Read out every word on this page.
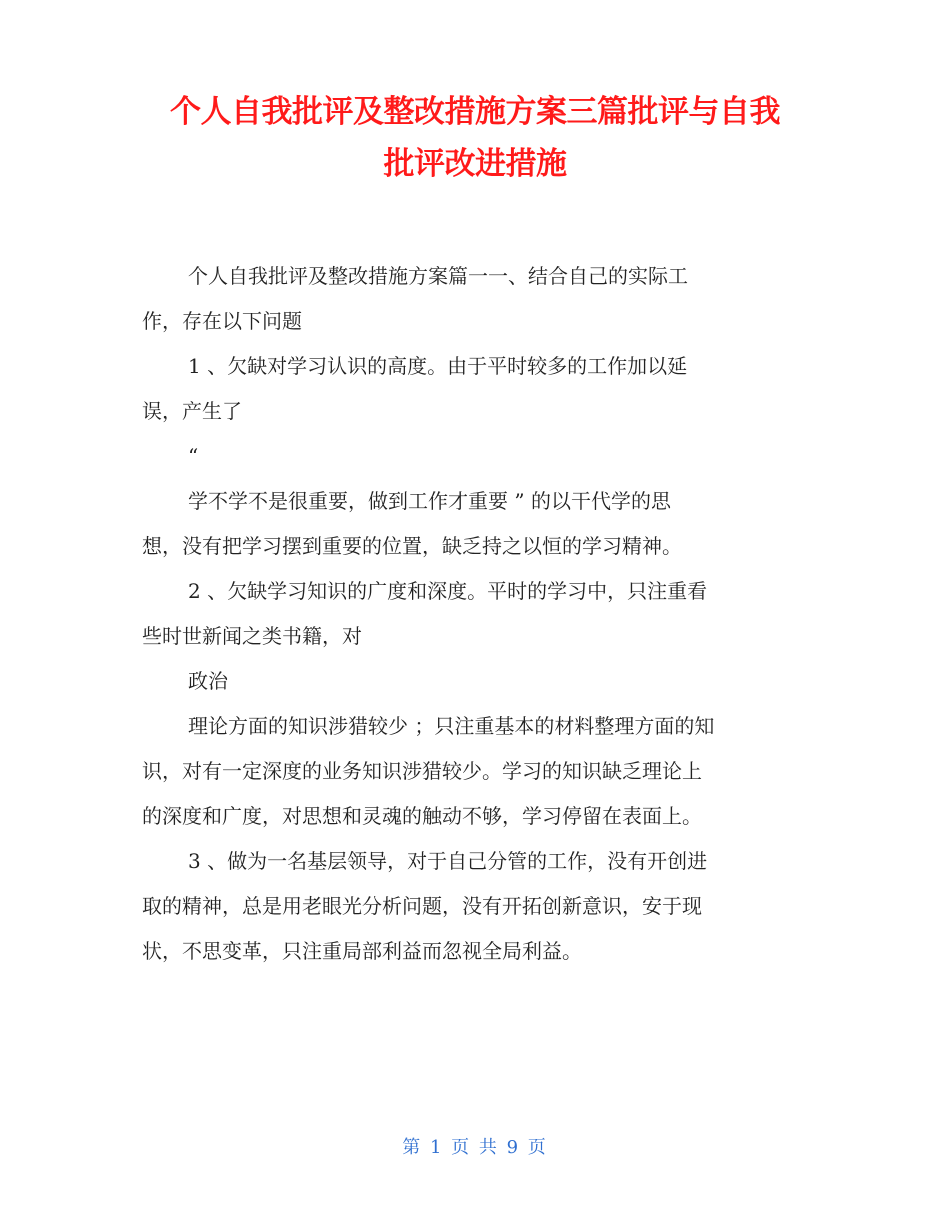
个人自我批评及整改措施方案三篇批评与自我
批评改进措施

个人自我批评及整改措施方案篇一一、结合自己的实际工

作，存在以下问题

1 、欠缺对学习认识的高度。由于平时较多的工作加以延

误，产生了

“

学不学不是很重要，做到工作才重要 ” 的以干代学的思

想，没有把学习摆到重要的位置，缺乏持之以恒的学习精神。

2 、欠缺学习知识的广度和深度。平时的学习中，只注重看

些时世新闻之类书籍，对

政治

理论方面的知识涉猎较少 ；只注重基本的材料整理方面的知

识，对有一定深度的业务知识涉猎较少。学习的知识缺乏理论上

的深度和广度，对思想和灵魂的触动不够，学习停留在表面上。

3 、做为一名基层领导，对于自己分管的工作，没有开创进

取的精神，总是用老眼光分析问题，没有开拓创新意识，安于现

状，不思变革，只注重局部利益而忽视全局利益。

第 1 页 共 9 页
